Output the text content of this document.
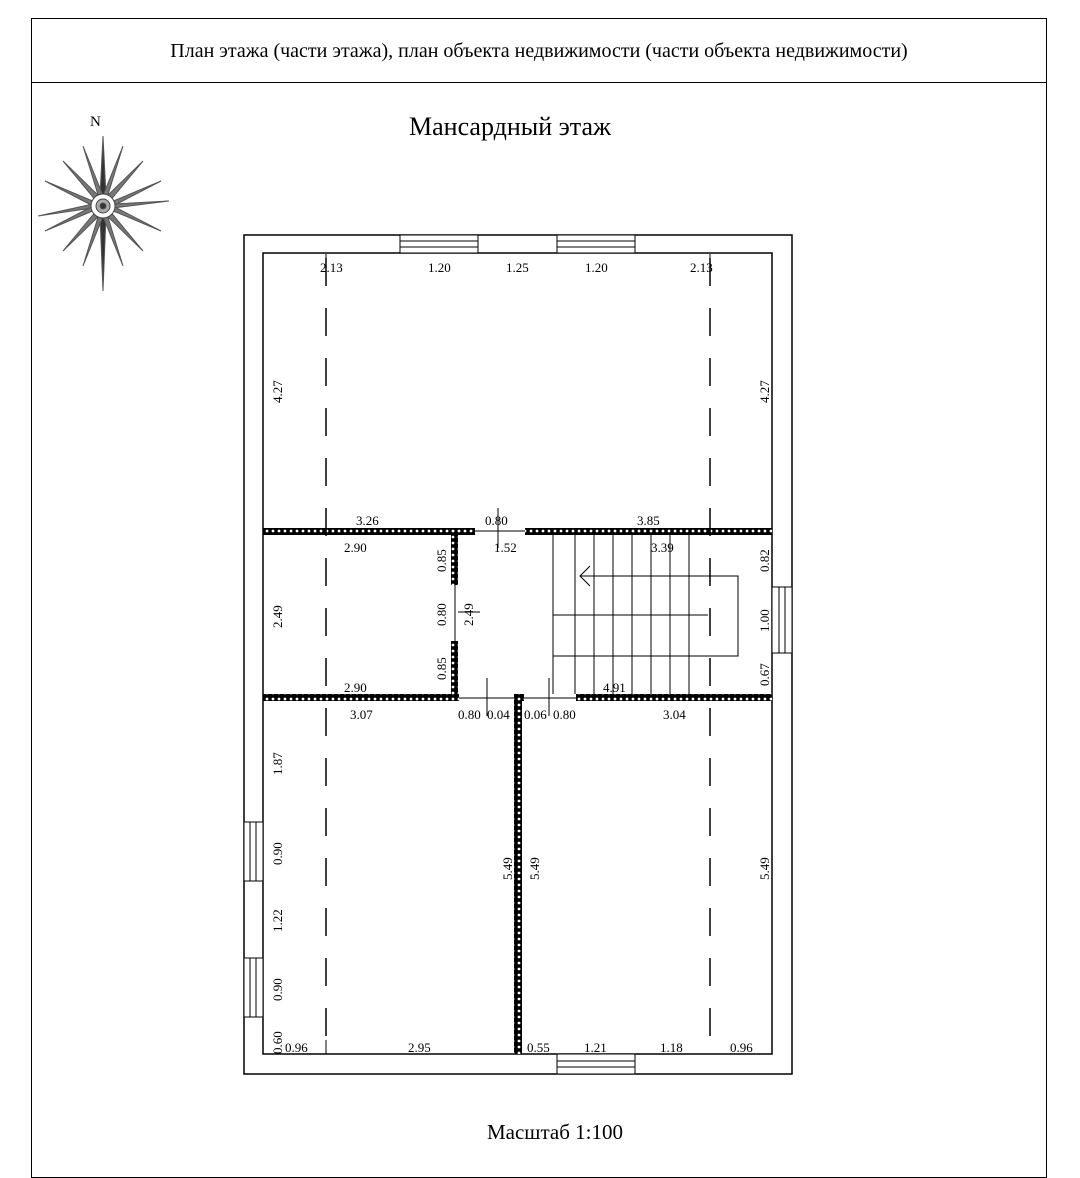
План этажа (части этажа), план объекта недвижимости (части объекта недвижимости)
Мансардный этаж
N
2.13	1.20	1.25	1.20	2.13
4.27	4.27
3.26	0.80	3.85
2.90	1.52	3.39
0.82
1.00
0.67
0.85
0.80
0.85
2.49
2.49
2.90	4.91
3.07	0.80 0.04 0.06 0.80	3.04
1.87
0.90
1.22
0.90
0.60
5.49 5.49	5.49
0.96	2.95	0.55	1.21	1.18	0.96
Масштаб 1:100
